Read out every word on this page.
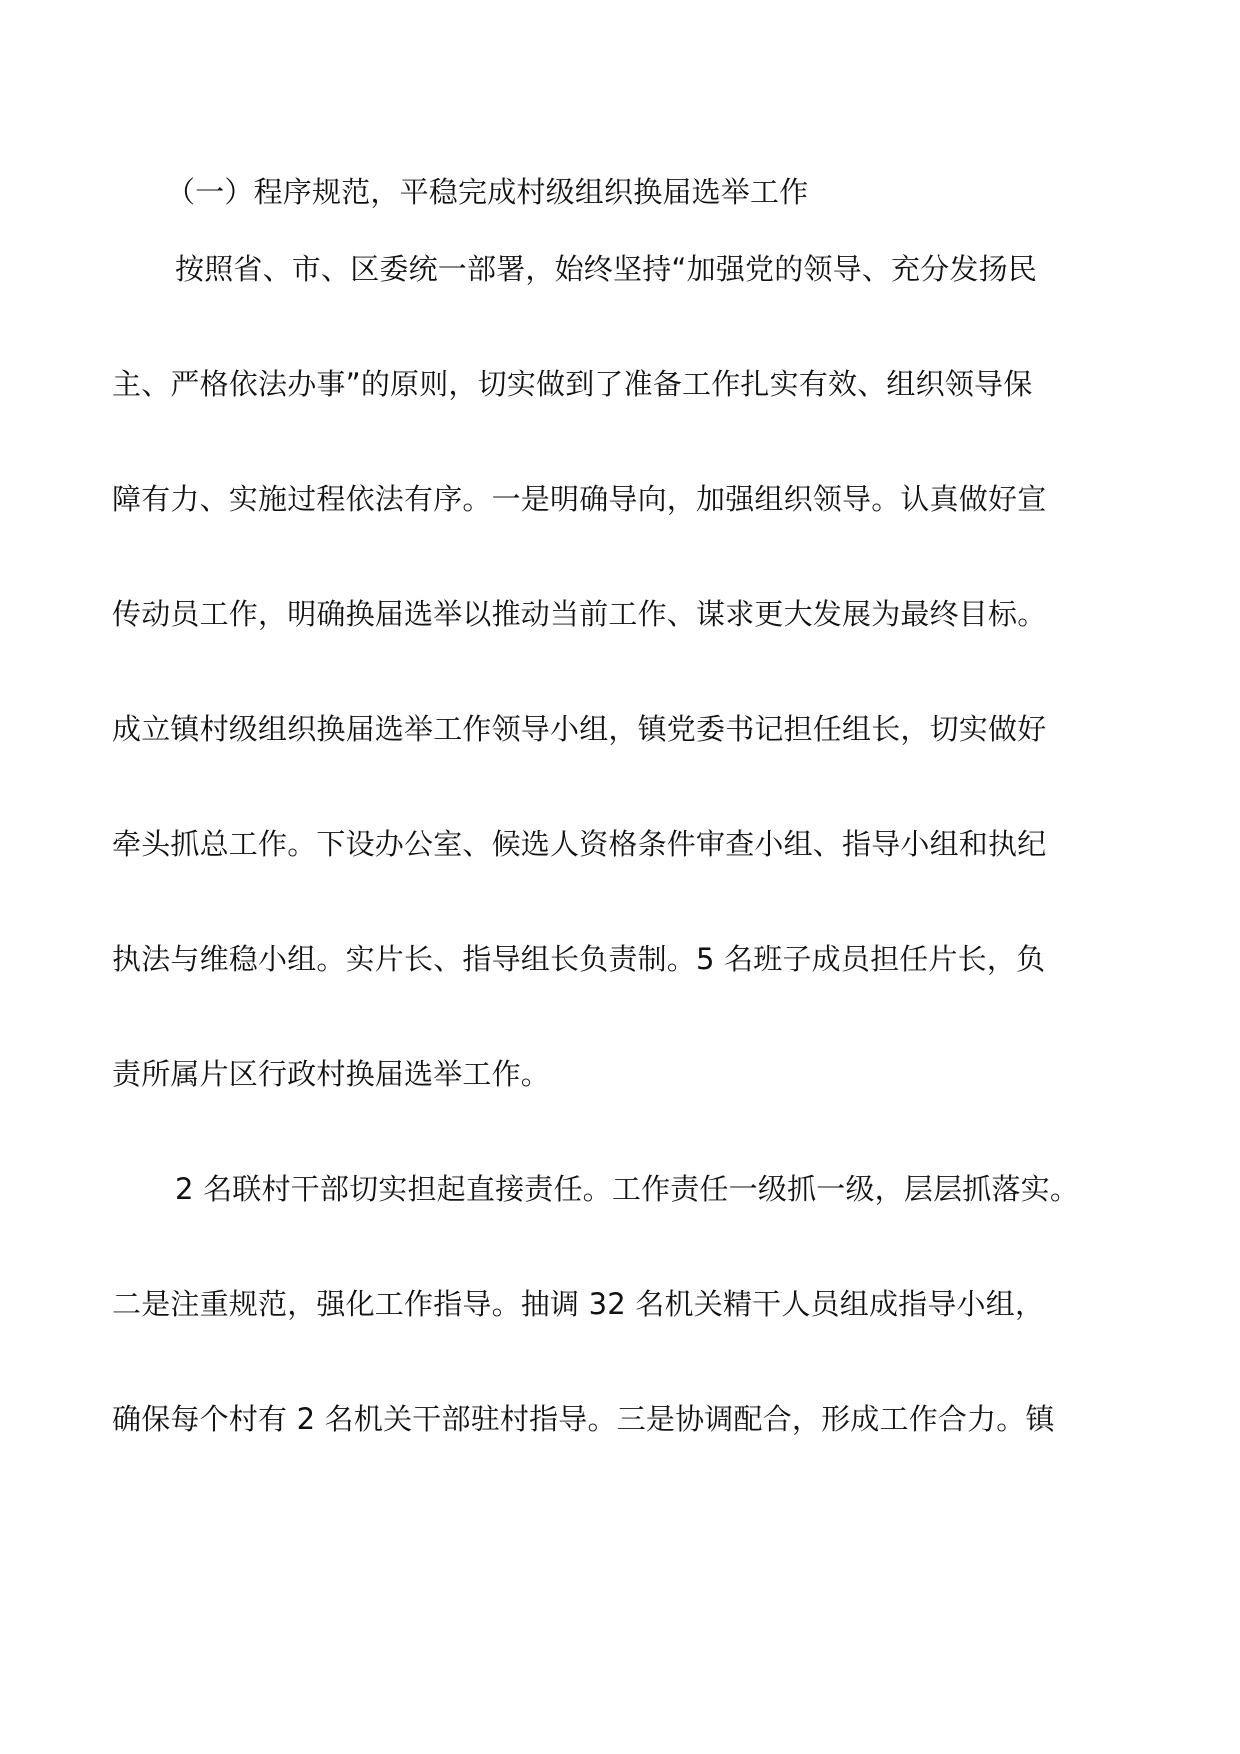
（一）程序规范，平稳完成村级组织换届选举工作
按照省、市、区委统一部署，始终坚持“加强党的领导、充分发扬民
主、严格依法办事”的原则，切实做到了准备工作扎实有效、组织领导保
障有力、实施过程依法有序。一是明确导向，加强组织领导。认真做好宣
传动员工作，明确换届选举以推动当前工作、谋求更大发展为最终目标。
成立镇村级组织换届选举工作领导小组，镇党委书记担任组长，切实做好
牵头抓总工作。下设办公室、候选人资格条件审查小组、指导小组和执纪
执法与维稳小组。实片长、指导组长负责制。5 名班子成员担任片长，负
责所属片区行政村换届选举工作。
2 名联村干部切实担起直接责任。工作责任一级抓一级，层层抓落实。
二是注重规范，强化工作指导。抽调 32 名机关精干人员组成指导小组，
确保每个村有 2 名机关干部驻村指导。三是协调配合，形成工作合力。镇
